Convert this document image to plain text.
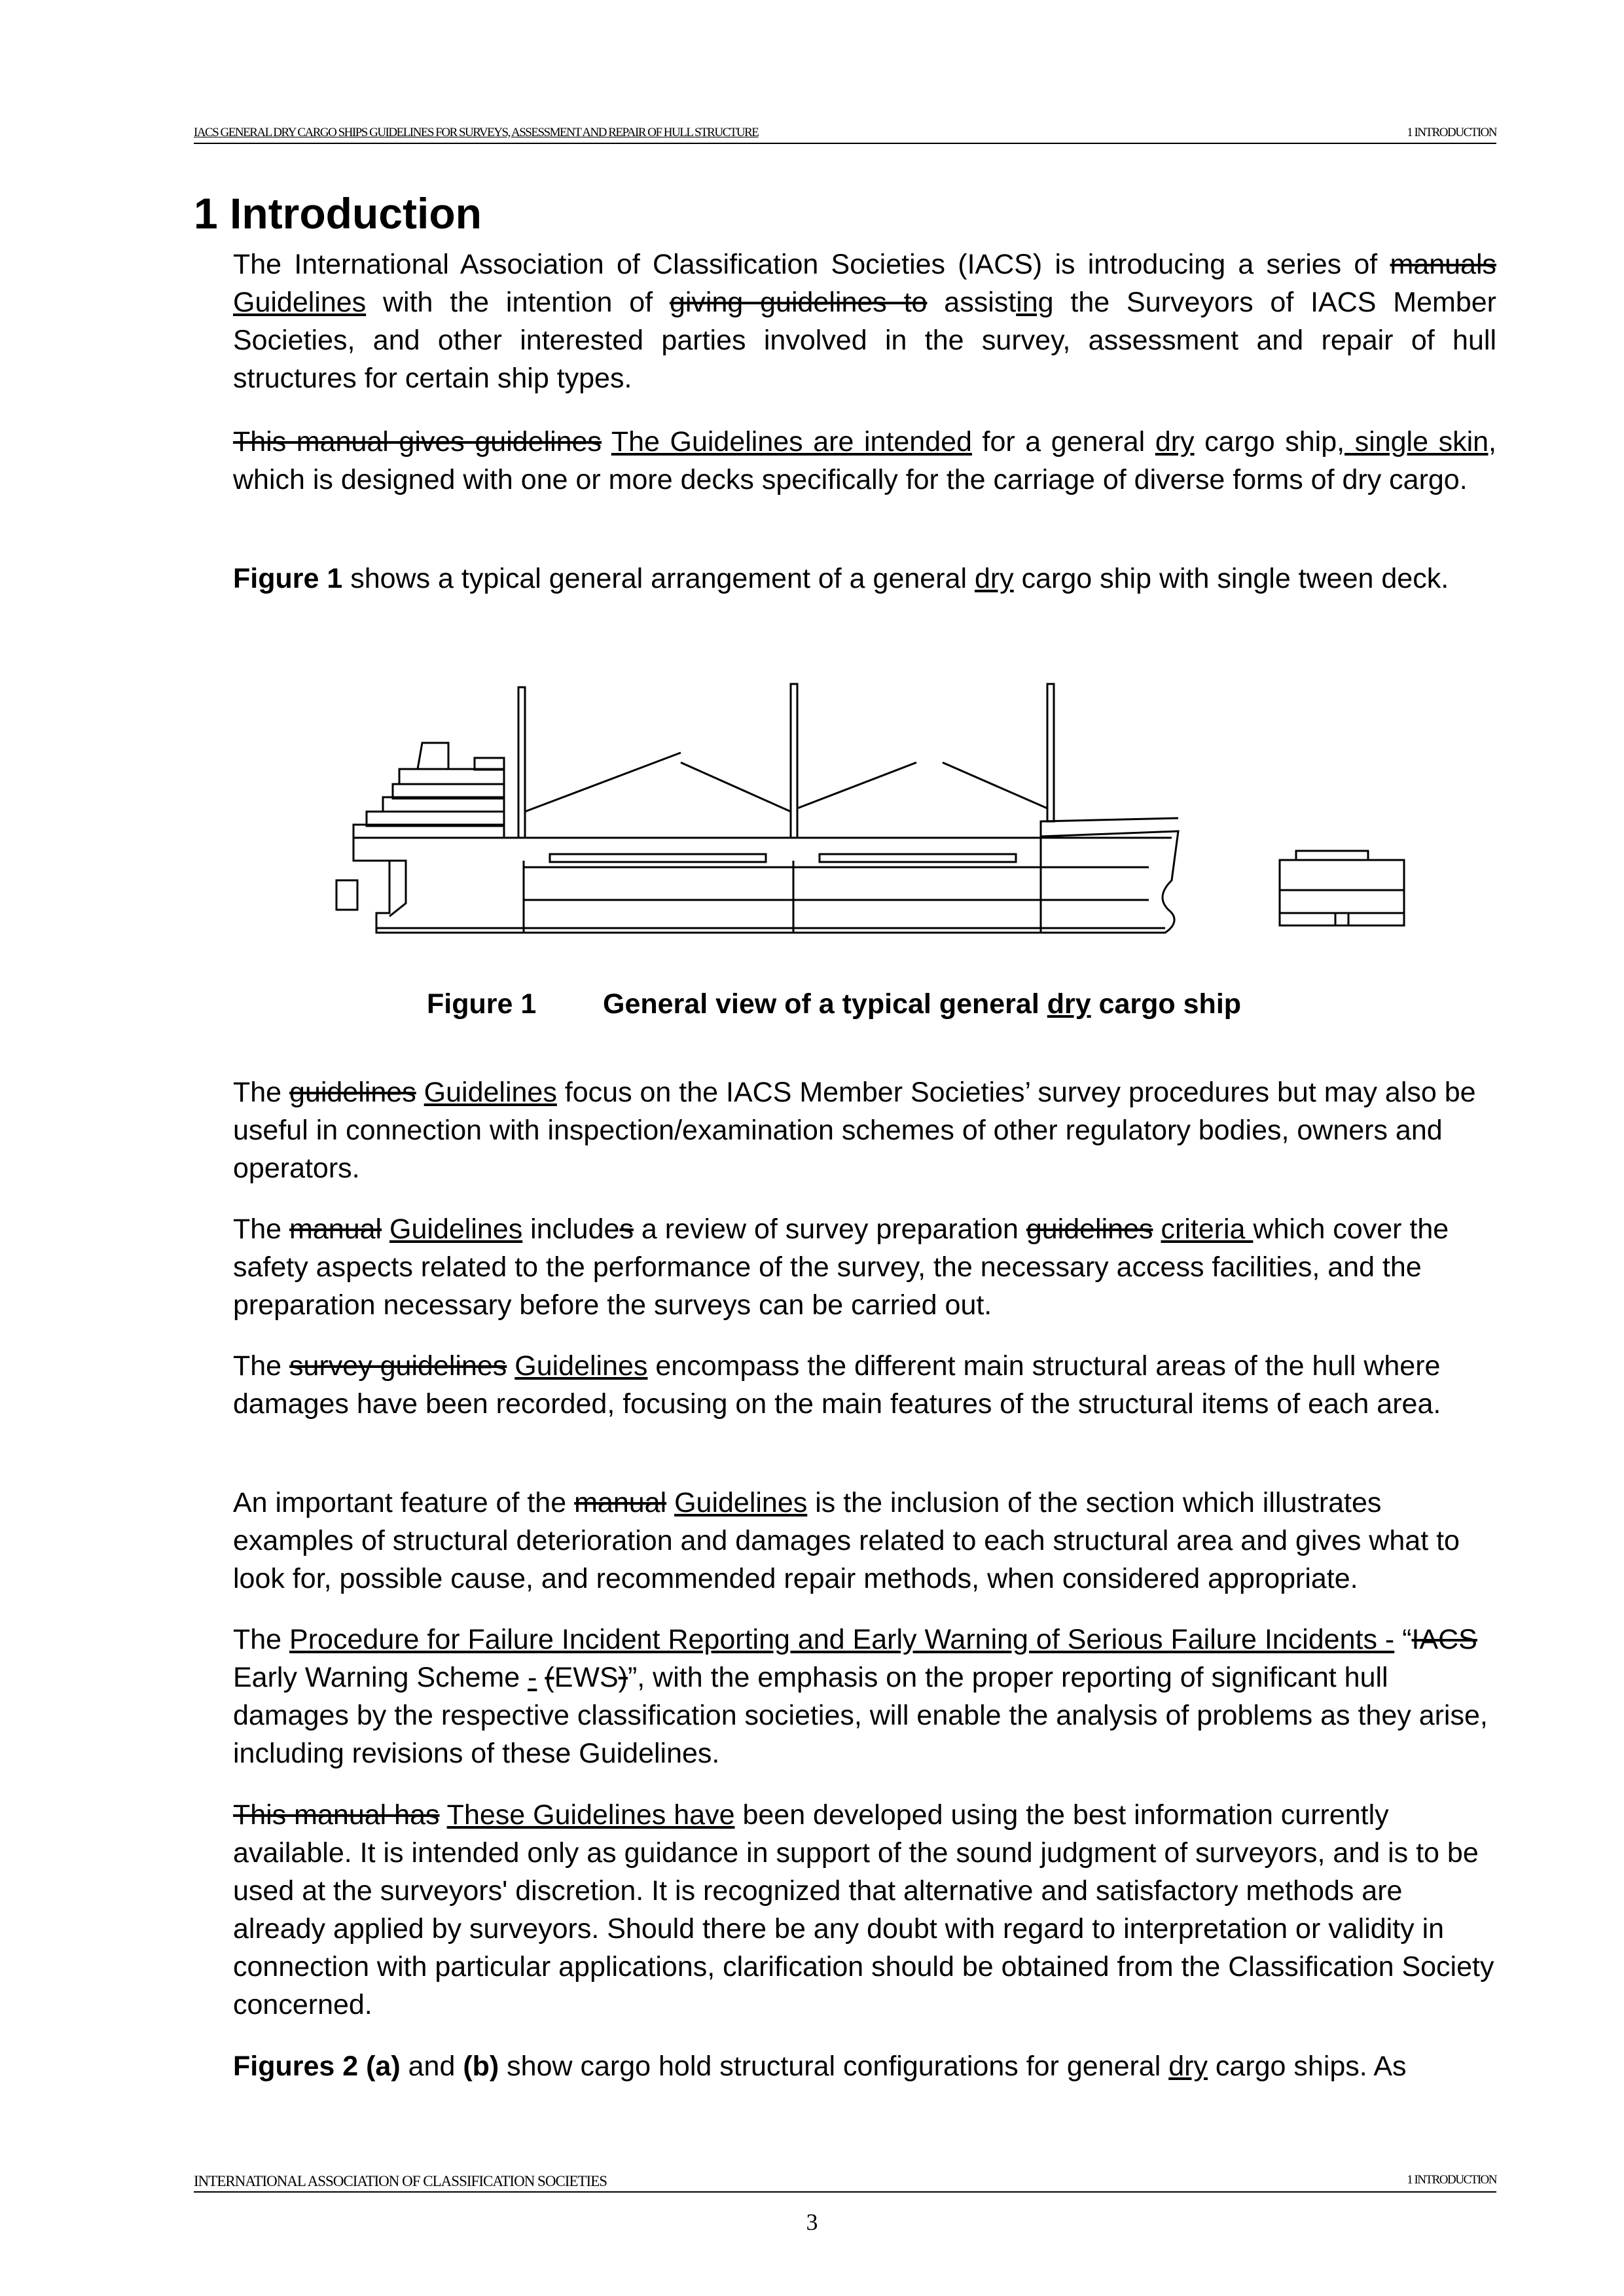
IACS GENERAL DRY CARGO SHIPS GUIDELINES FOR SURVEYS, ASSESSMENT AND REPAIR OF HULL STRUCTURE	1 INTRODUCTION
1 Introduction

The International Association of Classification Societies (IACS) is introducing a series of manuals Guidelines with the intention of giving guidelines to assisting the Surveyors of IACS Member Societies, and other interested parties involved in the survey, assessment and repair of hull structures for certain ship types.

This manual gives guidelines The Guidelines are intended for a general dry cargo ship, single skin, which is designed with one or more decks specifically for the carriage of diverse forms of dry cargo.

Figure 1 shows a typical general arrangement of a general dry cargo ship with single tween deck.

Figure 1 General view of a typical general dry cargo ship

The guidelines Guidelines focus on the IACS Member Societies’ survey procedures but may also be useful in connection with inspection/examination schemes of other regulatory bodies, owners and operators.

The manual Guidelines includes a review of survey preparation guidelines criteria which cover the safety aspects related to the performance of the survey, the necessary access facilities, and the preparation necessary before the surveys can be carried out.

The survey guidelines Guidelines encompass the different main structural areas of the hull where damages have been recorded, focusing on the main features of the structural items of each area.

An important feature of the manual Guidelines is the inclusion of the section which illustrates examples of structural deterioration and damages related to each structural area and gives what to look for, possible cause, and recommended repair methods, when considered appropriate.

The Procedure for Failure Incident Reporting and Early Warning of Serious Failure Incidents - “IACS Early Warning Scheme - (EWS)”, with the emphasis on the proper reporting of significant hull damages by the respective classification societies, will enable the analysis of problems as they arise, including revisions of these Guidelines.

This manual has These Guidelines have been developed using the best information currently available. It is intended only as guidance in support of the sound judgment of surveyors, and is to be used at the surveyors' discretion. It is recognized that alternative and satisfactory methods are already applied by surveyors. Should there be any doubt with regard to interpretation or validity in connection with particular applications, clarification should be obtained from the Classification Society concerned.

Figures 2 (a) and (b) show cargo hold structural configurations for general dry cargo ships. As

INTERNATIONAL ASSOCIATION OF CLASSIFICATION SOCIETIES	1 INTRODUCTION
3
